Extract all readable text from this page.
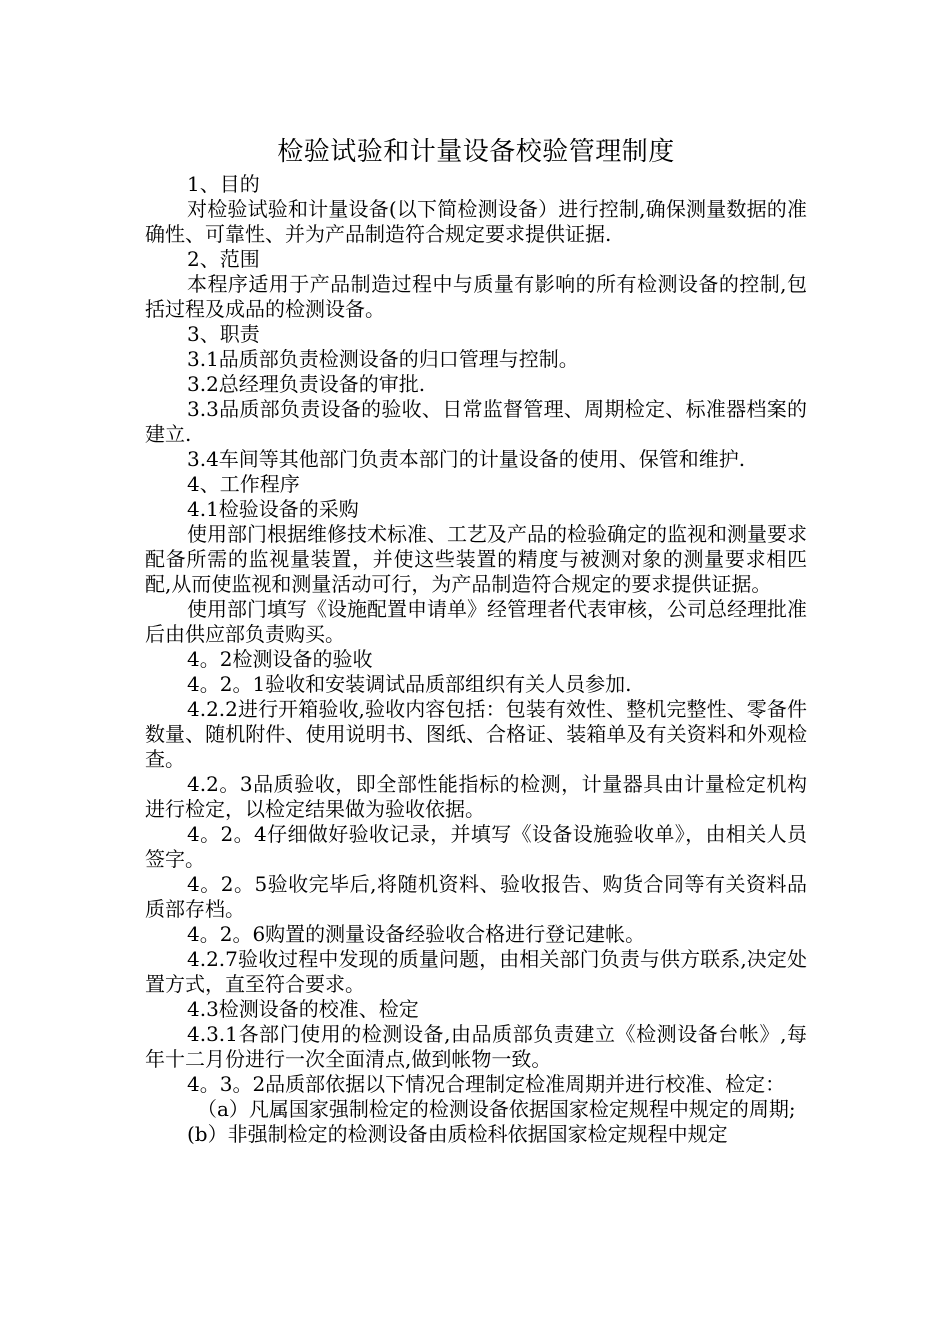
检验试验和计量设备校验管理制度

1、目的

对检验试验和计量设备(以下简检测设备）进行控制,确保测量数据的准确性、可靠性、并为产品制造符合规定要求提供证据.

2、范围

本程序适用于产品制造过程中与质量有影响的所有检测设备的控制,包括过程及成品的检测设备。

3、职责

3.1品质部负责检测设备的归口管理与控制。

3.2总经理负责设备的审批.

3.3品质部负责设备的验收、日常监督管理、周期检定、标准器档案的建立.

3.4车间等其他部门负责本部门的计量设备的使用、保管和维护.

4、工作程序

4.1检验设备的采购

使用部门根据维修技术标准、工艺及产品的检验确定的监视和测量要求配备所需的监视量装置，并使这些装置的精度与被测对象的测量要求相匹配,从而使监视和测量活动可行，为产品制造符合规定的要求提供证据。

使用部门填写《设施配置申请单》经管理者代表审核，公司总经理批准后由供应部负责购买。

4。2检测设备的验收

4。2。1验收和安装调试品质部组织有关人员参加.

4.2.2进行开箱验收,验收内容包括：包装有效性、整机完整性、零备件数量、随机附件、使用说明书、图纸、合格证、装箱单及有关资料和外观检查。

4.2。3品质验收，即全部性能指标的检测，计量器具由计量检定机构进行检定，以检定结果做为验收依据。

4。2。4仔细做好验收记录，并填写《设备设施验收单》，由相关人员签字。

4。2。5验收完毕后,将随机资料、验收报告、购货合同等有关资料品质部存档。

4。2。6购置的测量设备经验收合格进行登记建帐。

4.2.7验收过程中发现的质量问题，由相关部门负责与供方联系,决定处置方式，直至符合要求。

4.3检测设备的校准、检定

4.3.1各部门使用的检测设备,由品质部负责建立《检测设备台帐》,每年十二月份进行一次全面清点,做到帐物一致。

4。3。2品质部依据以下情况合理制定检准周期并进行校准、检定：

（a）凡属国家强制检定的检测设备依据国家检定规程中规定的周期;

(b）非强制检定的检测设备由质检科依据国家检定规程中规定
